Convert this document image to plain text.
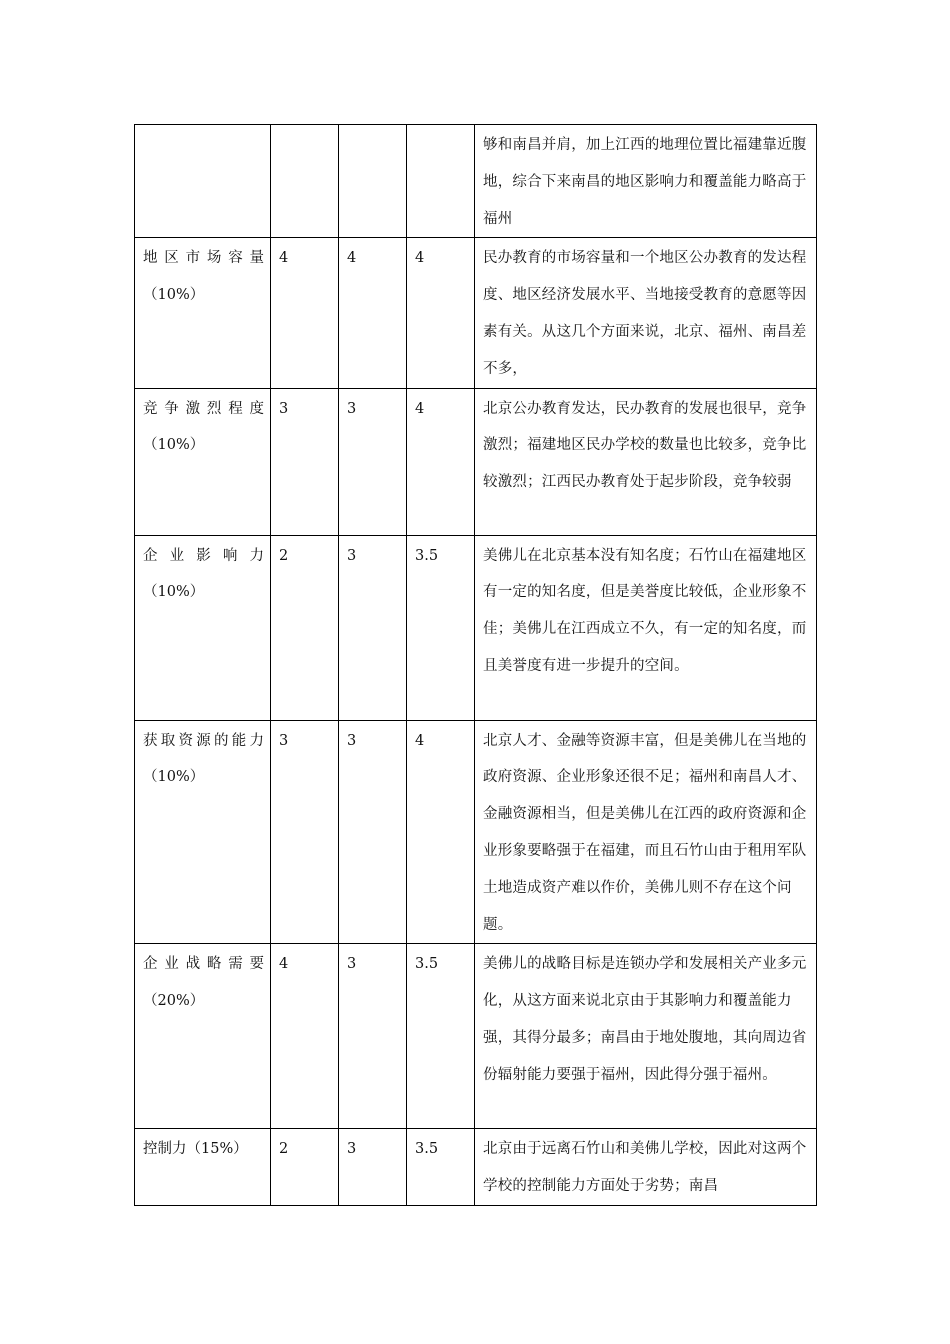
				够和南昌并肩，加上江西的地理位置比福建靠近腹地，综合下来南昌的地区影响力和覆盖能力略高于福州

地区市场容量
（10%）	4	4	4	民办教育的市场容量和一个地区公办教育的发达程度、地区经济发展水平、当地接受教育的意愿等因素有关。从这几个方面来说，北京、福州、南昌差不多，

竞争激烈程度
（10%）	3	3	4	北京公办教育发达，民办教育的发展也很早，竞争激烈；福建地区民办学校的数量也比较多，竞争比较激烈；江西民办教育处于起步阶段，竞争较弱

企业影响力
（10%）	2	3	3.5	美佛儿在北京基本没有知名度；石竹山在福建地区有一定的知名度，但是美誉度比较低，企业形象不佳；美佛儿在江西成立不久，有一定的知名度，而且美誉度有进一步提升的空间。

获取资源的能力
（10%）	3	3	4	北京人才、金融等资源丰富，但是美佛儿在当地的政府资源、企业形象还很不足；福州和南昌人才、金融资源相当，但是美佛儿在江西的政府资源和企业形象要略强于在福建，而且石竹山由于租用军队土地造成资产难以作价，美佛儿则不存在这个问题。

企业战略需要
（20%）	4	3	3.5	美佛儿的战略目标是连锁办学和发展相关产业多元化，从这方面来说北京由于其影响力和覆盖能力强，其得分最多；南昌由于地处腹地，其向周边省份辐射能力要强于福州，因此得分强于福州。
控制力（15%）	2	3	3.5	北京由于远离石竹山和美佛儿学校，因此对这两个学校的控制能力方面处于劣势；南昌
